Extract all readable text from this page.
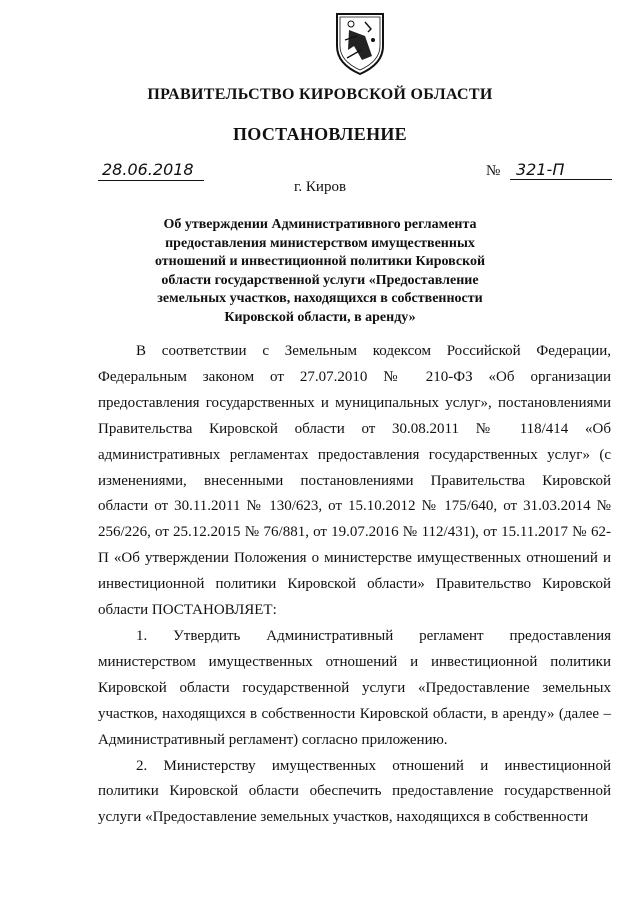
ПРАВИТЕЛЬСТВО КИРОВСКОЙ ОБЛАСТИ
ПОСТАНОВЛЕНИЕ
28.06.2018	№ 321-П
г. Киров
Об утверждении Административного регламента предоставления министерством имущественных отношений и инвестиционной политики Кировской области государственной услуги «Предоставление земельных участков, находящихся в собственности Кировской области, в аренду»

В соответствии с Земельным кодексом Российской Федерации, Федеральным законом от 27.07.2010 № 210-ФЗ «Об организации предоставления государственных и муниципальных услуг», постановлениями Правительства Кировской области от 30.08.2011 № 118/414 «Об административных регламентах предоставления государственных услуг» (с изменениями, внесенными постановлениями Правительства Кировской области от 30.11.2011 № 130/623, от 15.10.2012 № 175/640, от 31.03.2014 № 256/226, от 25.12.2015 № 76/881, от 19.07.2016 № 112/431), от 15.11.2017 № 62-П «Об утверждении Положения о министерстве имущественных отношений и инвестиционной политики Кировской области» Правительство Кировской области ПОСТАНОВЛЯЕТ:

1. Утвердить Административный регламент предоставления министерством имущественных отношений и инвестиционной политики Кировской области государственной услуги «Предоставление земельных участков, находящихся в собственности Кировской области, в аренду» (далее – Административный регламент) согласно приложению.

2. Министерству имущественных отношений и инвестиционной политики Кировской области обеспечить предоставление государственной услуги «Предоставление земельных участков, находящихся в собственности
